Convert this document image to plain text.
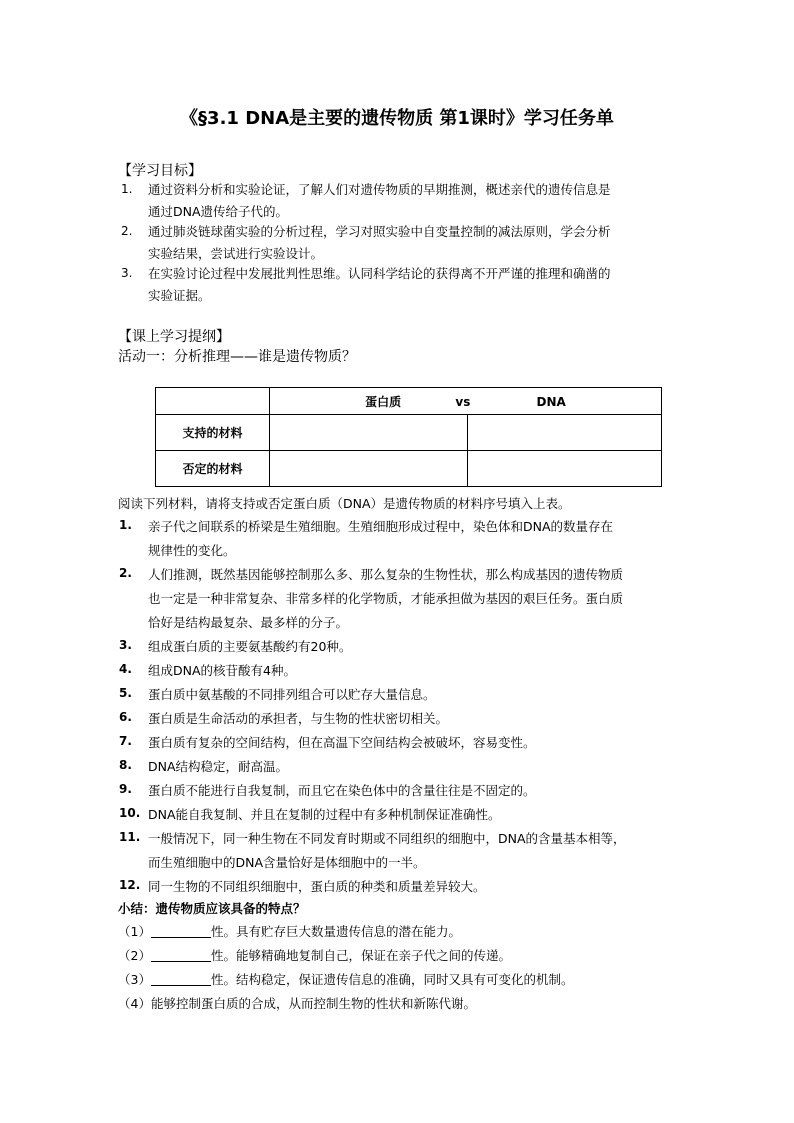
《§3.1 DNA是主要的遗传物质 第1课时》学习任务单
【学习目标】
1. 通过资料分析和实验论证，了解人们对遗传物质的早期推测，概述亲代的遗传信息是
通过DNA遗传给子代的。
2. 通过肺炎链球菌实验的分析过程，学习对照实验中自变量控制的减法原则，学会分析
实验结果，尝试进行实验设计。
3. 在实验讨论过程中发展批判性思维。认同科学结论的获得离不开严谨的推理和确凿的
实验证据。
【课上学习提纲】
活动一：分析推理——谁是遗传物质？
	蛋白质 vs DNA	
支持的材料		
否定的材料		
阅读下列材料，请将支持或否定蛋白质（DNA）是遗传物质的材料序号填入上表。
1. 亲子代之间联系的桥梁是生殖细胞。生殖细胞形成过程中，染色体和DNA的数量存在
规律性的变化。
2. 人们推测，既然基因能够控制那么多、那么复杂的生物性状，那么构成基因的遗传物质
也一定是一种非常复杂、非常多样的化学物质，才能承担做为基因的艰巨任务。蛋白质
恰好是结构最复杂、最多样的分子。
3. 组成蛋白质的主要氨基酸约有20种。
4. 组成DNA的核苷酸有4种。
5. 蛋白质中氨基酸的不同排列组合可以贮存大量信息。
6. 蛋白质是生命活动的承担者，与生物的性状密切相关。
7. 蛋白质有复杂的空间结构，但在高温下空间结构会被破坏，容易变性。
8. DNA结构稳定，耐高温。
9. 蛋白质不能进行自我复制，而且它在染色体中的含量往往是不固定的。
10. DNA能自我复制、并且在复制的过程中有多种机制保证准确性。
11. 一般情况下，同一种生物在不同发育时期或不同组织的细胞中，DNA的含量基本相等，
而生殖细胞中的DNA含量恰好是体细胞中的一半。
12. 同一生物的不同组织细胞中，蛋白质的种类和质量差异较大。
小结：遗传物质应该具备的特点？
（1）	性。具有贮存巨大数量遗传信息的潜在能力。
（2）	性。能够精确地复制自己，保证在亲子代之间的传递。
（3）	性。结构稳定，保证遗传信息的准确，同时又具有可变化的机制。
（4）能够控制蛋白质的合成，从而控制生物的性状和新陈代谢。
